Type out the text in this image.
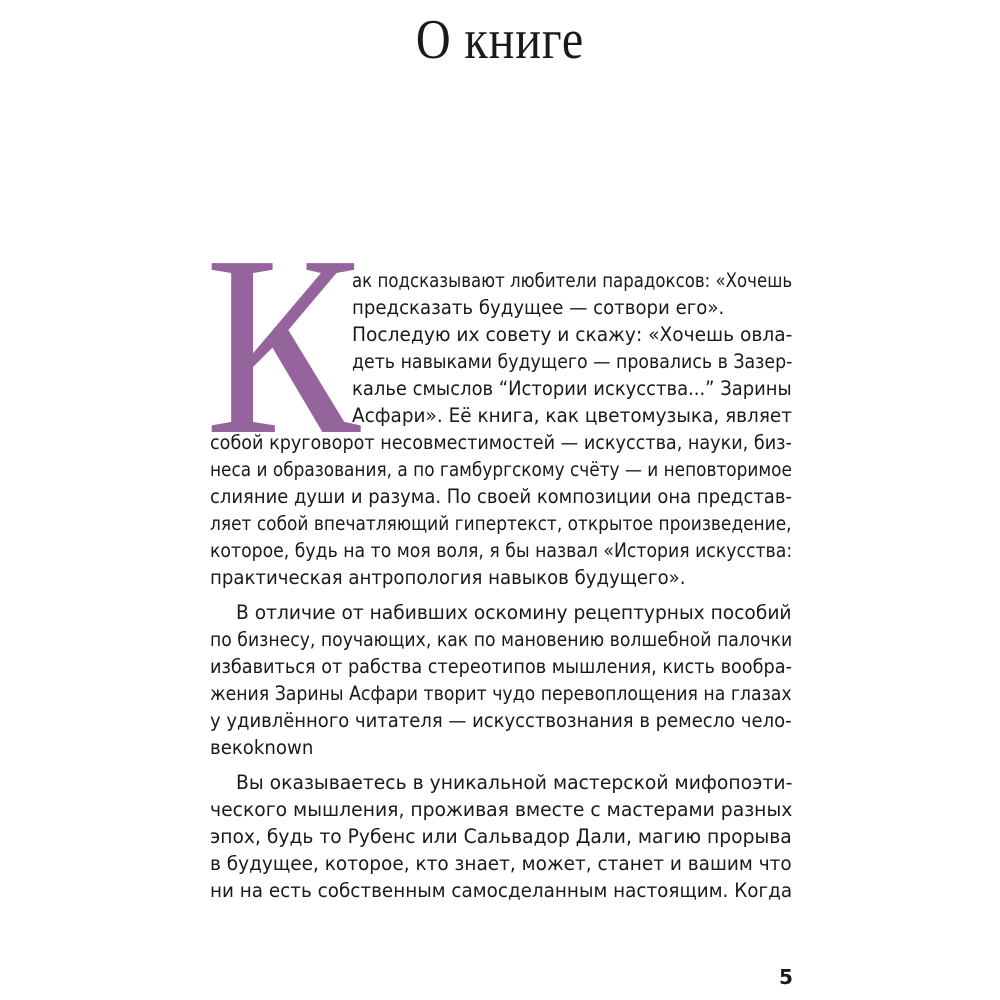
О книге
К
ак подсказывают любители парадоксов: «Хочешь
предсказать будущее — сотвори его».
Последую их совету и скажу: «Хочешь овла-
деть навыками будущего — провались в Зазер-
калье смыслов “Истории искусства...” Зарины
Асфари». Её книга, как цветомузыка, являет
собой круговорот несовместимостей — искусства, науки, биз-
неса и образования, а по гамбургскому счёту — и неповторимое
слияние души и разума. По своей композиции она представ-
ляет собой впечатляющий гипертекст, открытое произведение,
которое, будь на то моя воля, я бы назвал «История искусства:
практическая антропология навыков будущего».
В отличие от набивших оскомину рецептурных пособий
по бизнесу, поучающих, как по мановению волшебной палочки
избавиться от рабства стереотипов мышления, кисть вообра-
жения Зарины Асфари творит чудо перевоплощения на глазах
у удивлённого читателя — искусствознания в ремесло чело-
векоknown
Вы оказываетесь в уникальной мастерской мифопоэти-
ческого мышления, проживая вместе с мастерами разных
эпох, будь то Рубенс или Сальвадор Дали, магию прорыва
в будущее, которое, кто знает, может, станет и вашим что
ни на есть собственным самосделанным настоящим. Когда
5
